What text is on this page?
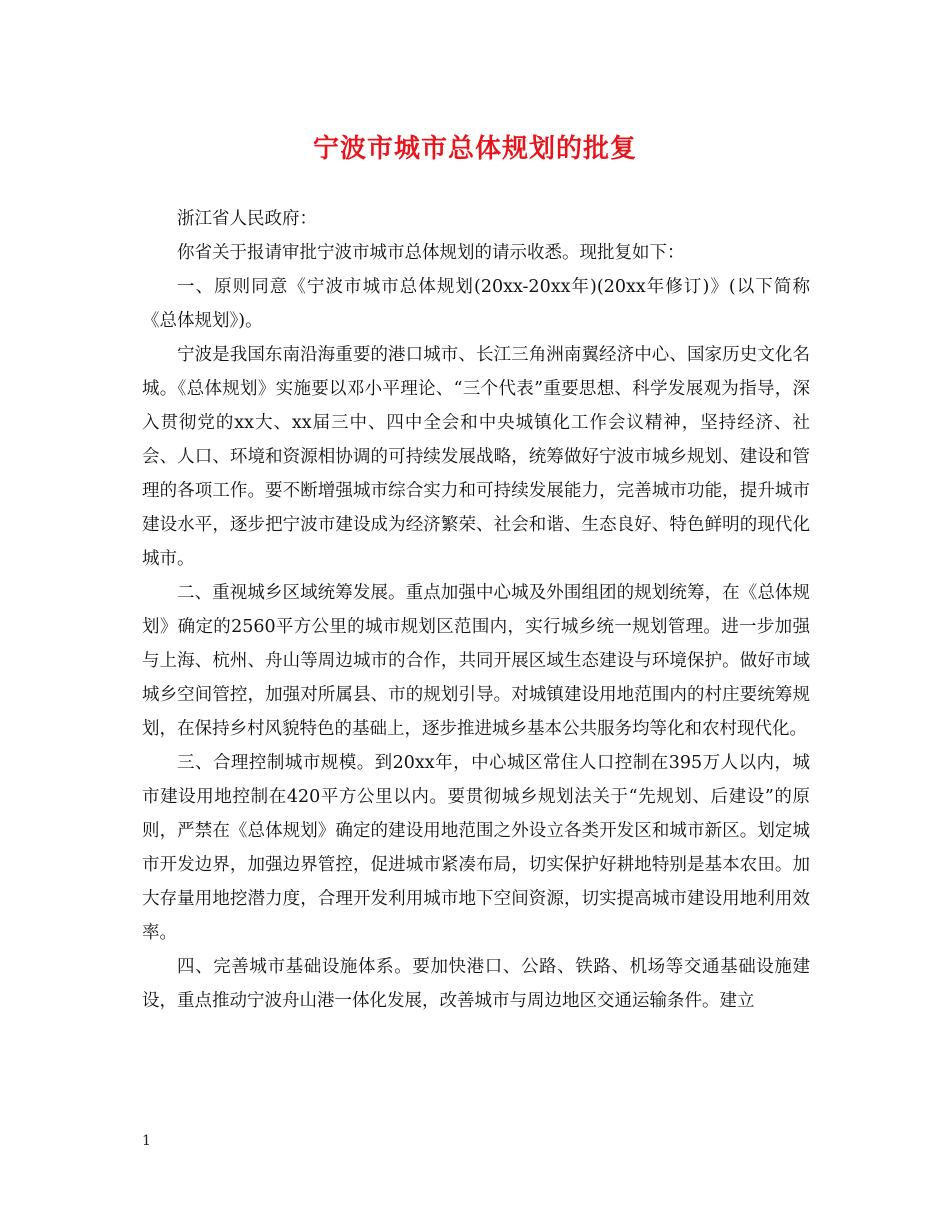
宁波市城市总体规划的批复

浙江省人民政府：

你省关于报请审批宁波市城市总体规划的请示收悉。现批复如下：

一、原则同意《宁波市城市总体规划(20xx-20xx年)(20xx年修订)》(以下简称《总体规划》)。

宁波是我国东南沿海重要的港口城市、长江三角洲南翼经济中心、国家历史文化名城。《总体规划》实施要以邓小平理论、“三个代表”重要思想、科学发展观为指导，深入贯彻党的xx大、xx届三中、四中全会和中央城镇化工作会议精神，坚持经济、社会、人口、环境和资源相协调的可持续发展战略，统筹做好宁波市城乡规划、建设和管理的各项工作。要不断增强城市综合实力和可持续发展能力，完善城市功能，提升城市建设水平，逐步把宁波市建设成为经济繁荣、社会和谐、生态良好、特色鲜明的现代化城市。

二、重视城乡区域统筹发展。重点加强中心城及外围组团的规划统筹，在《总体规划》确定的2560平方公里的城市规划区范围内，实行城乡统一规划管理。进一步加强与上海、杭州、舟山等周边城市的合作，共同开展区域生态建设与环境保护。做好市域城乡空间管控，加强对所属县、市的规划引导。对城镇建设用地范围内的村庄要统筹规划，在保持乡村风貌特色的基础上，逐步推进城乡基本公共服务均等化和农村现代化。

三、合理控制城市规模。到20xx年，中心城区常住人口控制在395万人以内，城市建设用地控制在420平方公里以内。要贯彻城乡规划法关于“先规划、后建设”的原则，严禁在《总体规划》确定的建设用地范围之外设立各类开发区和城市新区。划定城市开发边界，加强边界管控，促进城市紧凑布局，切实保护好耕地特别是基本农田。加大存量用地挖潜力度，合理开发利用城市地下空间资源，切实提高城市建设用地利用效率。

四、完善城市基础设施体系。要加快港口、公路、铁路、机场等交通基础设施建设，重点推动宁波舟山港一体化发展，改善城市与周边地区交通运输条件。建立

1
